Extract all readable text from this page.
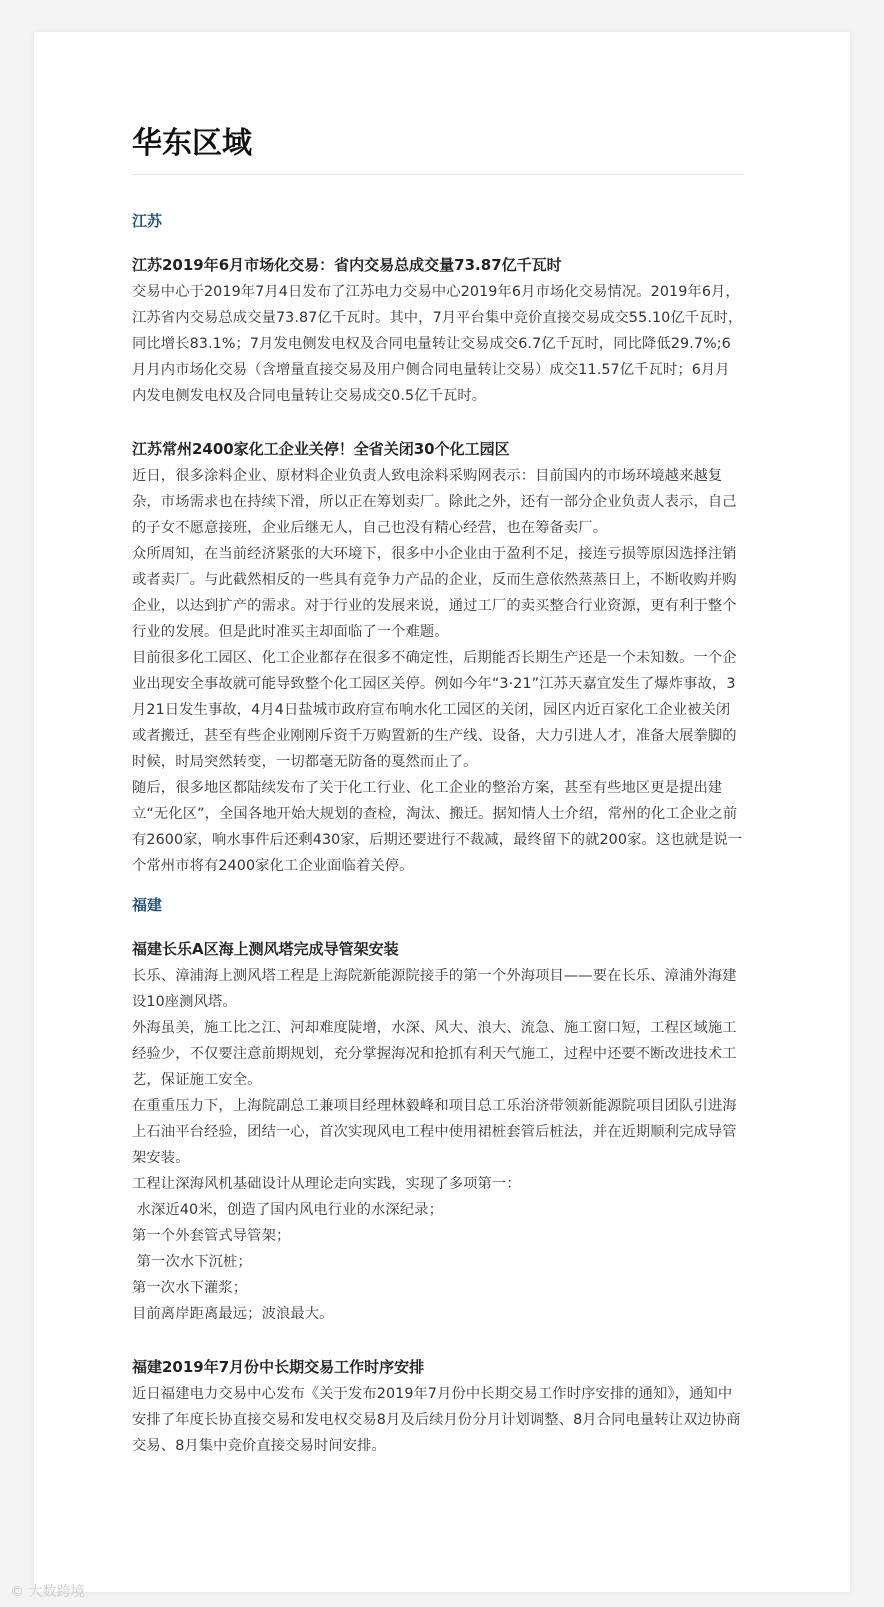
华东区域
江苏
江苏2019年6月市场化交易：省内交易总成交量73.87亿千瓦时

交易中心于2019年7月4日发布了江苏电力交易中心2019年6月市场化交易情况。2019年6月，江苏省内交易总成交量73.87亿千瓦时。其中，7月平台集中竞价直接交易成交55.10亿千瓦时，同比增长83.1%；7月发电侧发电权及合同电量转让交易成交6.7亿千瓦时，同比降低29.7%;6月月内市场化交易（含增量直接交易及用户侧合同电量转让交易）成交11.57亿千瓦时；6月月内发电侧发电权及合同电量转让交易成交0.5亿千瓦时。

江苏常州2400家化工企业关停！全省关闭30个化工园区

近日，很多涂料企业、原材料企业负责人致电涂料采购网表示：目前国内的市场环境越来越复杂，市场需求也在持续下滑，所以正在筹划卖厂。除此之外，还有一部分企业负责人表示，自己的子女不愿意接班，企业后继无人，自己也没有精心经营，也在筹备卖厂。

众所周知，在当前经济紧张的大环境下，很多中小企业由于盈利不足，接连亏损等原因选择注销或者卖厂。与此截然相反的一些具有竞争力产品的企业，反而生意依然蒸蒸日上，不断收购并购企业，以达到扩产的需求。对于行业的发展来说，通过工厂的卖买整合行业资源，更有利于整个行业的发展。但是此时准买主却面临了一个难题。

目前很多化工园区、化工企业都存在很多不确定性，后期能否长期生产还是一个未知数。一个企业出现安全事故就可能导致整个化工园区关停。例如今年“3·21”江苏天嘉宜发生了爆炸事故，3月21日发生事故，4月4日盐城市政府宣布响水化工园区的关闭，园区内近百家化工企业被关闭或者搬迁，甚至有些企业刚刚斥资千万购置新的生产线、设备，大力引进人才，准备大展拳脚的时候，时局突然转变，一切都毫无防备的戛然而止了。

随后，很多地区都陆续发布了关于化工行业、化工企业的整治方案，甚至有些地区更是提出建立“无化区”，全国各地开始大规划的查检，淘汰、搬迁。据知情人士介绍，常州的化工企业之前有2600家，响水事件后还剩430家，后期还要进行不裁减，最终留下的就200家。这也就是说一个常州市将有2400家化工企业面临着关停。

福建
福建长乐A区海上测风塔完成导管架安装

长乐、漳浦海上测风塔工程是上海院新能源院接手的第一个外海项目——要在长乐、漳浦外海建设10座测风塔。

外海虽美，施工比之江、河却难度陡增，水深、风大、浪大、流急、施工窗口短，工程区域施工经验少，不仅要注意前期规划，充分掌握海况和抢抓有利天气施工，过程中还要不断改进技术工艺，保证施工安全。

在重重压力下，上海院副总工兼项目经理林毅峰和项目总工乐治济带领新能源院项目团队引进海上石油平台经验，团结一心，首次实现风电工程中使用裙桩套管后桩法，并在近期顺利完成导管架安装。

工程让深海风机基础设计从理论走向实践，实现了多项第一：

水深近40米，创造了国内风电行业的水深纪录；

第一个外套管式导管架；

第一次水下沉桩；

第一次水下灌浆；

目前离岸距离最远；波浪最大。

福建2019年7月份中长期交易工作时序安排

近日福建电力交易中心发布《关于发布2019年7月份中长期交易工作时序安排的通知》，通知中安排了年度长协直接交易和发电权交易8月及后续月份分月计划调整、8月合同电量转让双边协商交易、8月集中竞价直接交易时间安排。

© 大数跨境
